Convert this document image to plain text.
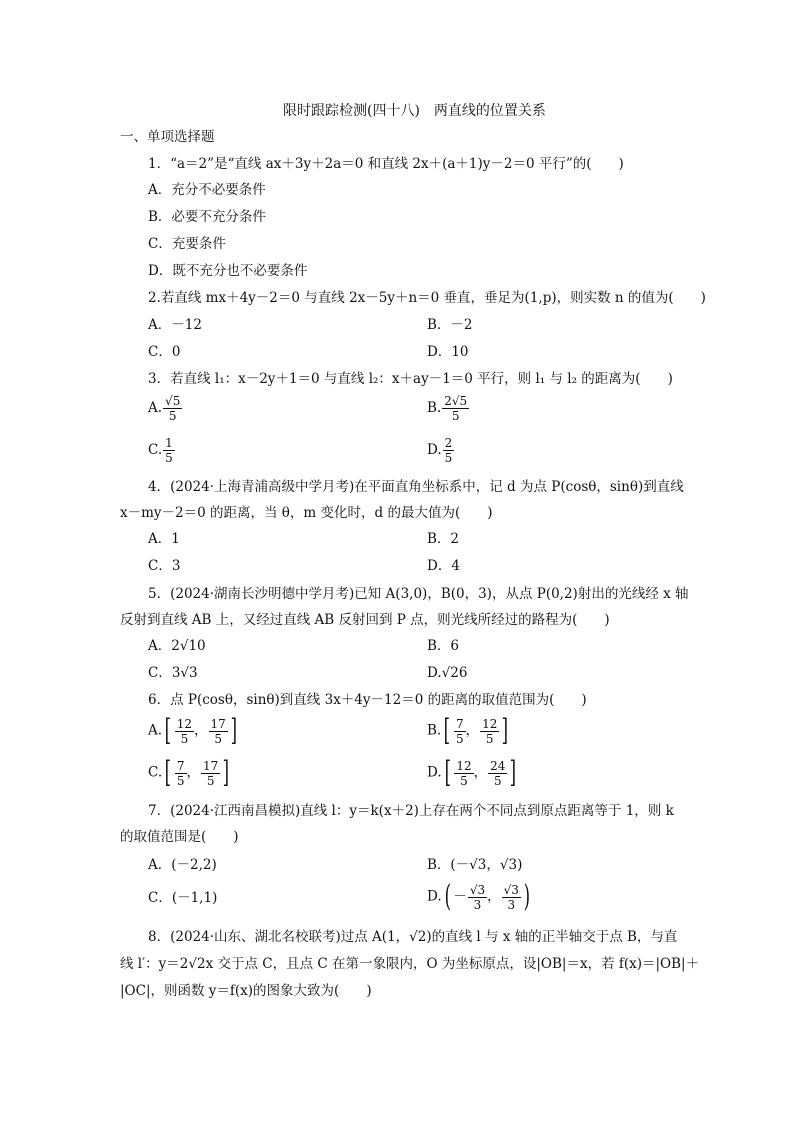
限时跟踪检测(四十八)　两直线的位置关系
一、单项选择题
1．“a＝2”是“直线 ax＋3y＋2a＝0 和直线 2x＋(a＋1)y－2＝0 平行”的(　　)
A．充分不必要条件
B．必要不充分条件
C．充要条件
D．既不充分也不必要条件
2.若直线 mx＋4y－2＝0 与直线 2x－5y＋n＝0 垂直，垂足为(1,p)，则实数 n 的值为(　　)
A．－12	B．－2
C．0	D．10
3．若直线 l₁：x－2y＋1＝0 与直线 l₂：x＋ay－1＝0 平行，则 l₁ 与 l₂ 的距离为(　　)
A. $\frac{√5}{5}$	B. $\frac{2√5}{5}$
C. $\frac{1}{5}$	D. $\frac{2}{5}$
4．(2024·上海青浦高级中学月考)在平面直角坐标系中，记 d 为点 P(cosθ，sinθ)到直线
x－my－2＝0 的距离，当 θ，m 变化时，d 的最大值为(　　)
A．1	B．2
C．3	D．4
5．(2024·湖南长沙明德中学月考)已知 A(3,0)，B(0，3)，从点 P(0,2)射出的光线经 x 轴
反射到直线 AB 上，又经过直线 AB 反射回到 P 点，则光线所经过的路程为(　　)
A．2√10	B．6
C．3√3	D.√26
6．点 P(cosθ，sinθ)到直线 3x＋4y－12＝0 的距离的取值范围为(　　)
$A.[ \frac{12}{5}$ ， $\frac{17}{5}$ ]	$B.[ \frac{7}{5}$ ， $\frac{12}{5}$ ]
$C.[ \frac{7}{5}$ ， $\frac{17}{5}$ ]	$D.[ \frac{12}{5}$ ， $\frac{24}{5}$ ]
7．(2024·江西南昌模拟)直线 l：y＝k(x＋2)上存在两个不同点到原点距离等于 1，则 k
的取值范围是(　　)
A．(－2,2)	B．(－√3，√3)
C．(－1,1)	$D.( - \frac{√3}{3}$ ， $\frac{√3}{3}$ )
8．(2024·山东、湖北名校联考)过点 A(1，√2)的直线 l 与 x 轴的正半轴交于点 B，与直
线 l′：y＝2√2x 交于点 C，且点 C 在第一象限内，O 为坐标原点，设|OB|＝x，若 f(x)＝|OB|＋
|OC|，则函数 y＝f(x)的图象大致为(　　)
